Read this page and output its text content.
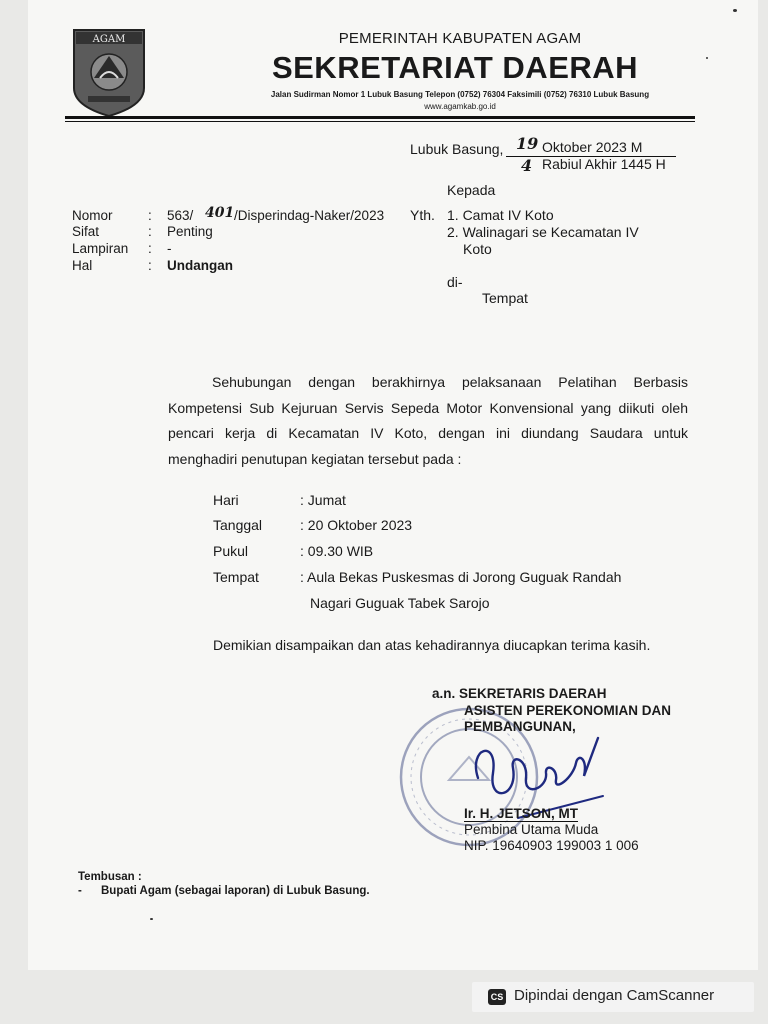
AGAM	PEMERINTAH KABUPATEN AGAM
SEKRETARIAT DAERAH
Jalan Sudirman Nomor 1 Lubuk Basung Telepon (0752) 76304 Faksimili (0752) 76310 Lubuk Basung
www.agamkab.go.id
Lubuk Basung, 19 Oktober 2023 M
4 Rabiul Akhir 1445 H
Kepada
Yth. 1. Camat IV Koto
2. Walinagari se Kecamatan IV
Koto
di-
Tempat
Nomor	: 563/ 401 /Disperindag-Naker/2023
Sifat	: Penting
Lampiran : -
Hal	: Undangan

Sehubungan dengan berakhirnya pelaksanaan Pelatihan Berbasis Kompetensi Sub Kejuruan Servis Sepeda Motor Konvensional yang diikuti oleh pencari kerja di Kecamatan IV Koto, dengan ini diundang Saudara untuk menghadiri penutupan kegiatan tersebut pada :

Hari	: Jumat
Tanggal	: 20 Oktober 2023
Pukul	: 09.30 WIB
Tempat	: Aula Bekas Puskesmas di Jorong Guguak Randah
Nagari Guguak Tabek Sarojo
Demikian disampaikan dan atas kehadirannya diucapkan terima kasih.
a.n. SEKRETARIS DAERAH
ASISTEN PEREKONOMIAN DAN
PEMBANGUNAN,
Ir. H. JETSON, MT
Pembina Utama Muda
NIP. 19640903 199003 1 006
Tembusan :
- Bupati Agam (sebagai laporan) di Lubuk Basung.
CS Dipindai dengan CamScanner
